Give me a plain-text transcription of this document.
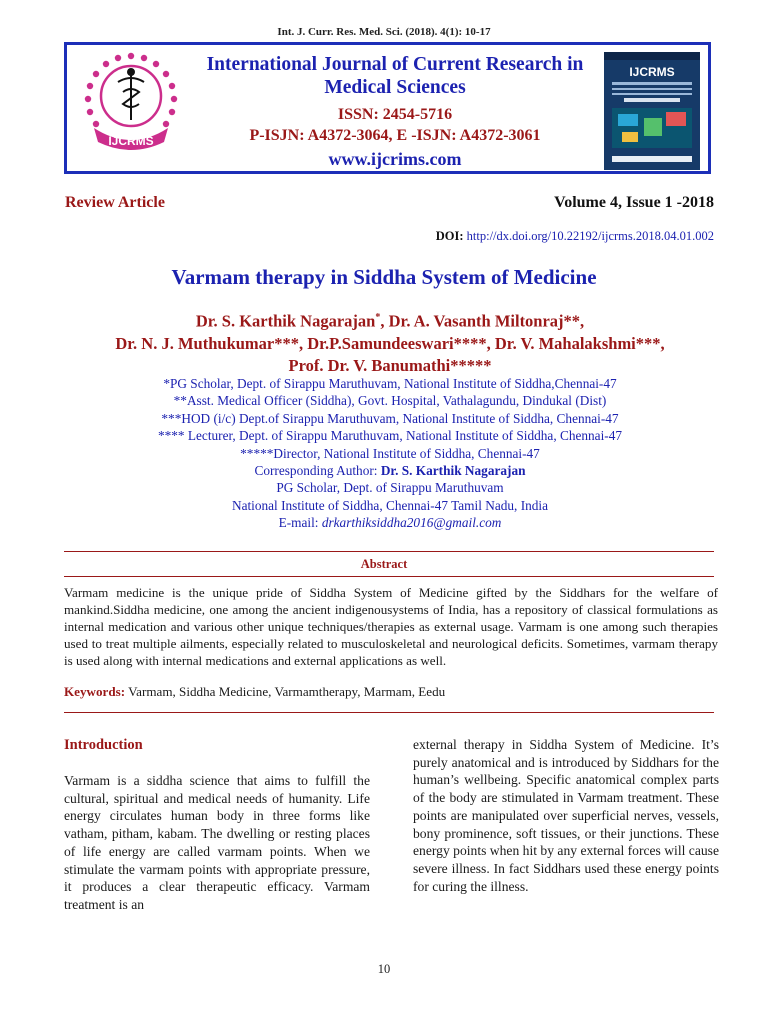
Int. J. Curr. Res. Med. Sci. (2018). 4(1): 10-17
IJCRMS
International Journal of Current Research in Medical Sciences
ISSN: 2454-5716
P-ISJN: A4372-3064, E -ISJN: A4372-3061
www.ijcrims.com
IJCRMS
Review Article	Volume 4, Issue 1 -2018
DOI: http://dx.doi.org/10.22192/ijcrms.2018.04.01.002
Varmam therapy in Siddha System of Medicine
Dr. S. Karthik Nagarajan*, Dr. A. Vasanth Miltonraj**,
Dr. N. J. Muthukumar***, Dr.P.Samundeeswari****, Dr. V. Mahalakshmi***,
Prof. Dr. V. Banumathi*****
*PG Scholar, Dept. of Sirappu Maruthuvam, National Institute of Siddha,Chennai-47
**Asst. Medical Officer (Siddha), Govt. Hospital, Vathalagundu, Dindukal (Dist)
***HOD (i/c) Dept.of Sirappu Maruthuvam, National Institute of Siddha, Chennai-47
**** Lecturer, Dept. of Sirappu Maruthuvam, National Institute of Siddha, Chennai-47
*****Director, National Institute of Siddha, Chennai-47
Corresponding Author: Dr. S. Karthik Nagarajan
PG Scholar, Dept. of Sirappu Maruthuvam
National Institute of Siddha, Chennai-47 Tamil Nadu, India
E-mail: drkarthiksiddha2016@gmail.com
Abstract
Varmam medicine is the unique pride of Siddha System of Medicine gifted by the Siddhars for the welfare of mankind.Siddha medicine, one among the ancient indigenousystems of India, has a repository of classical formulations as internal medication and various other unique techniques/therapies as external usage. Varmam is one among such therapies used to treat multiple ailments, especially related to musculoskeletal and neurological deficits. Sometimes, varmam therapy is used along with internal medications and external applications as well.
Keywords: Varmam, Siddha Medicine, Varmamtherapy, Marmam, Eedu
Introduction
Varmam is a siddha science that aims to fulfill the cultural, spiritual and medical needs of humanity. Life energy circulates human body in three forms like vatham, pitham, kabam. The dwelling or resting places of life energy are called varmam points. When we stimulate the varmam points with appropriate pressure, it produces a clear therapeutic efficacy. Varmam treatment is an
external therapy in Siddha System of Medicine. It’s purely anatomical and is introduced by Siddhars for the human’s wellbeing. Specific anatomical complex parts of the body are stimulated in Varmam treatment. These points are manipulated over superficial nerves, vessels, bony prominence, soft tissues, or their junctions. These energy points when hit by any external forces will cause severe illness. In fact Siddhars used these energy points for curing the illness.
10
